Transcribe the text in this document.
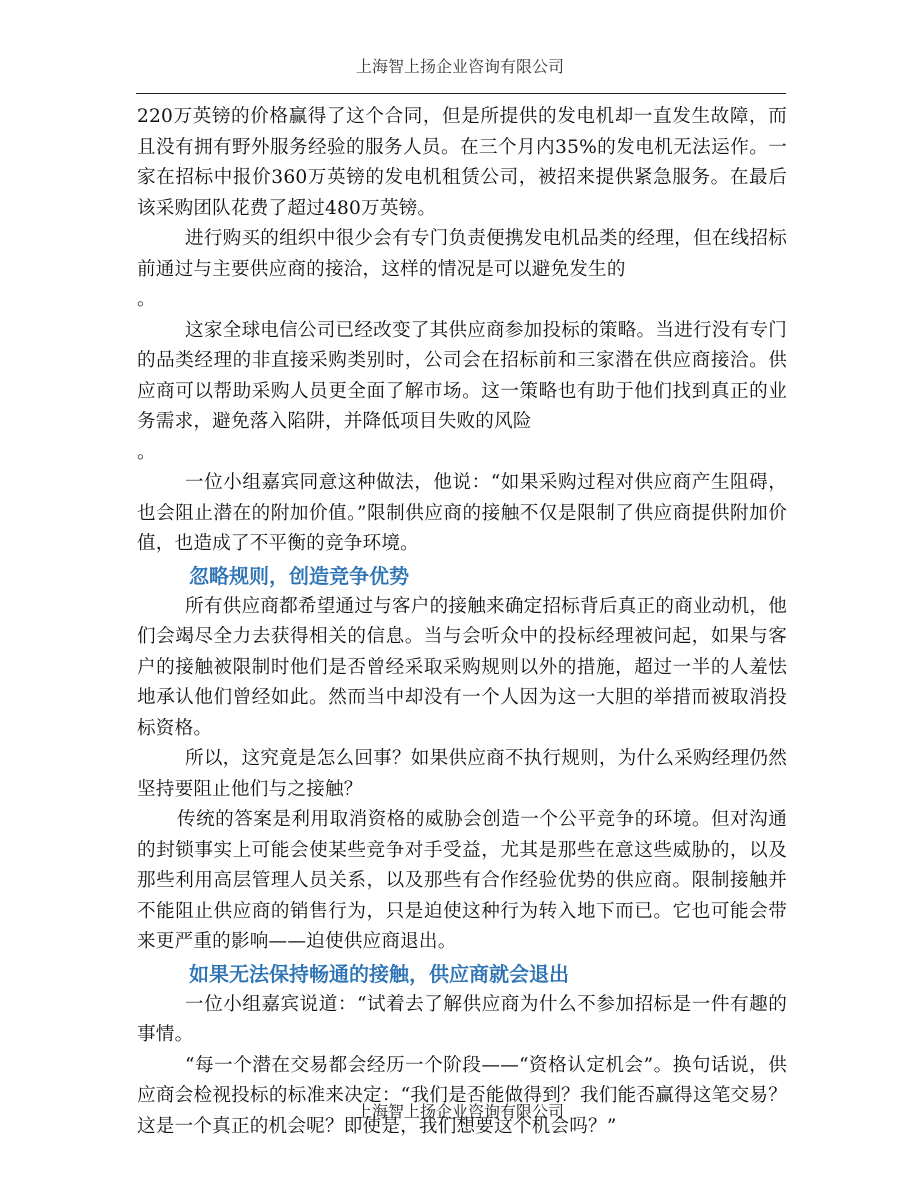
上海智上扬企业咨询有限公司

220万英镑的价格赢得了这个合同，但是所提供的发电机却一直发生故障，而且没有拥有野外服务经验的服务人员。在三个月内35%的发电机无法运作。一家在招标中报价360万英镑的发电机租赁公司，被招来提供紧急服务。在最后该采购团队花费了超过480万英镑。

进行购买的组织中很少会有专门负责便携发电机品类的经理，但在线招标前通过与主要供应商的接洽，这样的情况是可以避免发生的

。

这家全球电信公司已经改变了其供应商参加投标的策略。当进行没有专门的品类经理的非直接采购类别时，公司会在招标前和三家潜在供应商接洽。供应商可以帮助采购人员更全面了解市场。这一策略也有助于他们找到真正的业务需求，避免落入陷阱，并降低项目失败的风险

。

一位小组嘉宾同意这种做法，他说：“如果采购过程对供应商产生阻碍，也会阻止潜在的附加价值。”限制供应商的接触不仅是限制了供应商提供附加价值，也造成了不平衡的竞争环境。

忽略规则，创造竞争优势

所有供应商都希望通过与客户的接触来确定招标背后真正的商业动机，他们会竭尽全力去获得相关的信息。当与会听众中的投标经理被问起，如果与客户的接触被限制时他们是否曾经采取采购规则以外的措施，超过一半的人羞怯地承认他们曾经如此。然而当中却没有一个人因为这一大胆的举措而被取消投标资格。

所以，这究竟是怎么回事？如果供应商不执行规则，为什么采购经理仍然坚持要阻止他们与之接触？

传统的答案是利用取消资格的威胁会创造一个公平竞争的环境。但对沟通的封锁事实上可能会使某些竞争对手受益，尤其是那些在意这些威胁的，以及那些利用高层管理人员关系，以及那些有合作经验优势的供应商。限制接触并不能阻止供应商的销售行为，只是迫使这种行为转入地下而已。它也可能会带来更严重的影响——迫使供应商退出。

如果无法保持畅通的接触，供应商就会退出

一位小组嘉宾说道：“试着去了解供应商为什么不参加招标是一件有趣的事情。

“每一个潜在交易都会经历一个阶段——“资格认定机会”。换句话说，供应商会检视投标的标准来决定：“我们是否能做得到？我们能否赢得这笔交易？这是一个真正的机会呢？即使是，我们想要这个机会吗？”

上海智上扬企业咨询有限公司
